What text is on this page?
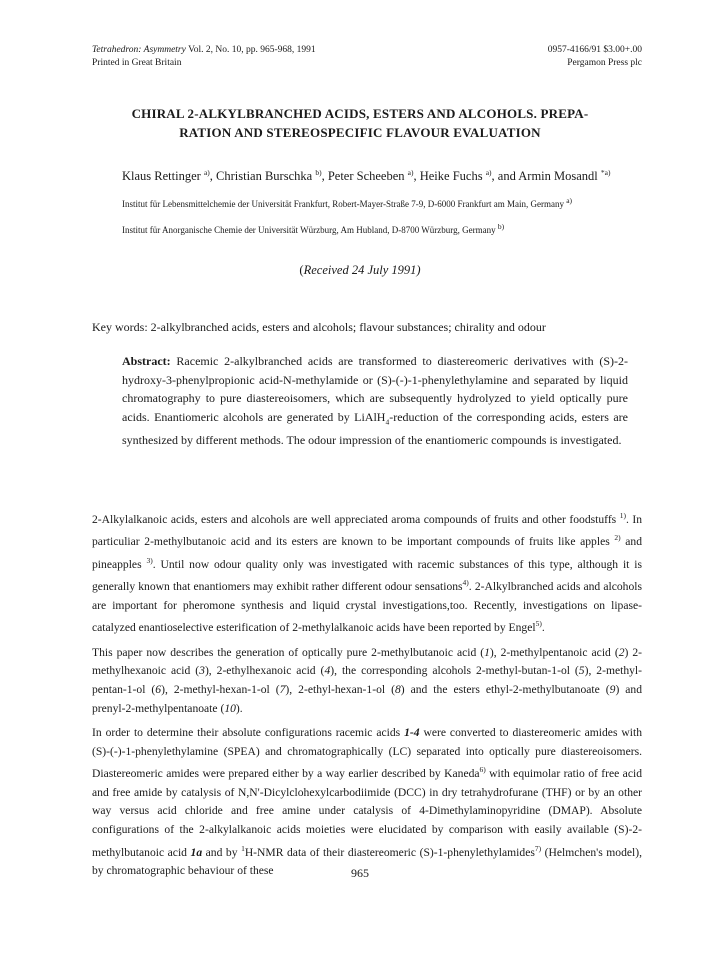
Tetrahedron: Asymmetry Vol. 2, No. 10, pp. 965-968, 1991
Printed in Great Britain
0957-4166/91 $3.00+.00
Pergamon Press plc
CHIRAL 2-ALKYLBRANCHED ACIDS, ESTERS AND ALCOHOLS. PREPA-
RATION AND STEREOSPECIFIC FLAVOUR EVALUATION
Klaus Rettinger $^{a)}$, Christian Burschka $^{b)}$, Peter Scheeben $^{a)}$, Heike Fuchs $^{a)}$, and Armin Mosandl $^{*a)}$
Institut für Lebensmittelchemie der Universität Frankfurt, Robert-Mayer-Straße 7-9, D-6000 Frankfurt am Main, Germany $^{a)}$
Institut für Anorganische Chemie der Universität Würzburg, Am Hubland, D-8700 Würzburg, Germany $^{b)}$
(Received 24 July 1991)
Key words: 2-alkylbranched acids, esters and alcohols; flavour substances; chirality and odour
Abstract: Racemic 2-alkylbranched acids are transformed to diastereomeric derivatives with (S)-2-hydroxy-3-phenylpropionic acid-N-methylamide or (S)-(-)-1-phenylethylamine and separated by liquid chromatography to pure diastereoisomers, which are subsequently hydrolyzed to yield optically pure acids. Enantiomeric alcohols are generated by LiAlH$_4$-reduction of the corresponding acids, esters are synthesized by different methods. The odour impression of the enantiomeric compounds is investigated.

2-Alkylalkanoic acids, esters and alcohols are well appreciated aroma compounds of fruits and other foodstuffs $^{1)}$. In particuliar 2-methylbutanoic acid and its esters are known to be important compounds of fruits like apples $^{2)}$ and pineapples $^{3)}$. Until now odour quality only was investigated with racemic substances of this type, although it is generally known that enantiomers may exhibit rather different odour sensations$^{4)}$. 2-Alkylbranched acids and alcohols are important for pheromone synthesis and liquid crystal investigations,too. Recently, investigations on lipase-catalyzed enantioselective esterification of 2-methylalkanoic acids have been reported by Engel$^{5)}$.

This paper now describes the generation of optically pure 2-methylbutanoic acid (1), 2-methylpentanoic acid (2) 2-methylhexanoic acid (3), 2-ethylhexanoic acid (4), the corresponding alcohols 2-methyl-butan-1-ol (5), 2-methyl-pentan-1-ol (6), 2-methyl-hexan-1-ol (7), 2-ethyl-hexan-1-ol (8) and the esters ethyl-2-methylbutanoate (9) and prenyl-2-methylpentanoate (10).

In order to determine their absolute configurations racemic acids 1-4 were converted to diastereomeric amides with (S)-(-)-1-phenylethylamine (SPEA) and chromatographically (LC) separated into optically pure diastereoisomers. Diastereomeric amides were prepared either by a way earlier described by Kaneda$^{6)}$ with equimolar ratio of free acid and free amide by catalysis of N,N'-Dicylclohexylcarbodiimide (DCC) in dry tetrahydrofurane (THF) or by an other way versus acid chloride and free amine under catalysis of 4-Dimethylaminopyridine (DMAP). Absolute configurations of the 2-alkylalkanoic acids moieties were elucidated by comparison with easily available (S)-2-methylbutanoic acid 1a and by $^1$H-NMR data of their diastereomeric (S)-1-phenylethylamides$^{7)}$ (Helmchen's model), by chromatographic behaviour of these	965
